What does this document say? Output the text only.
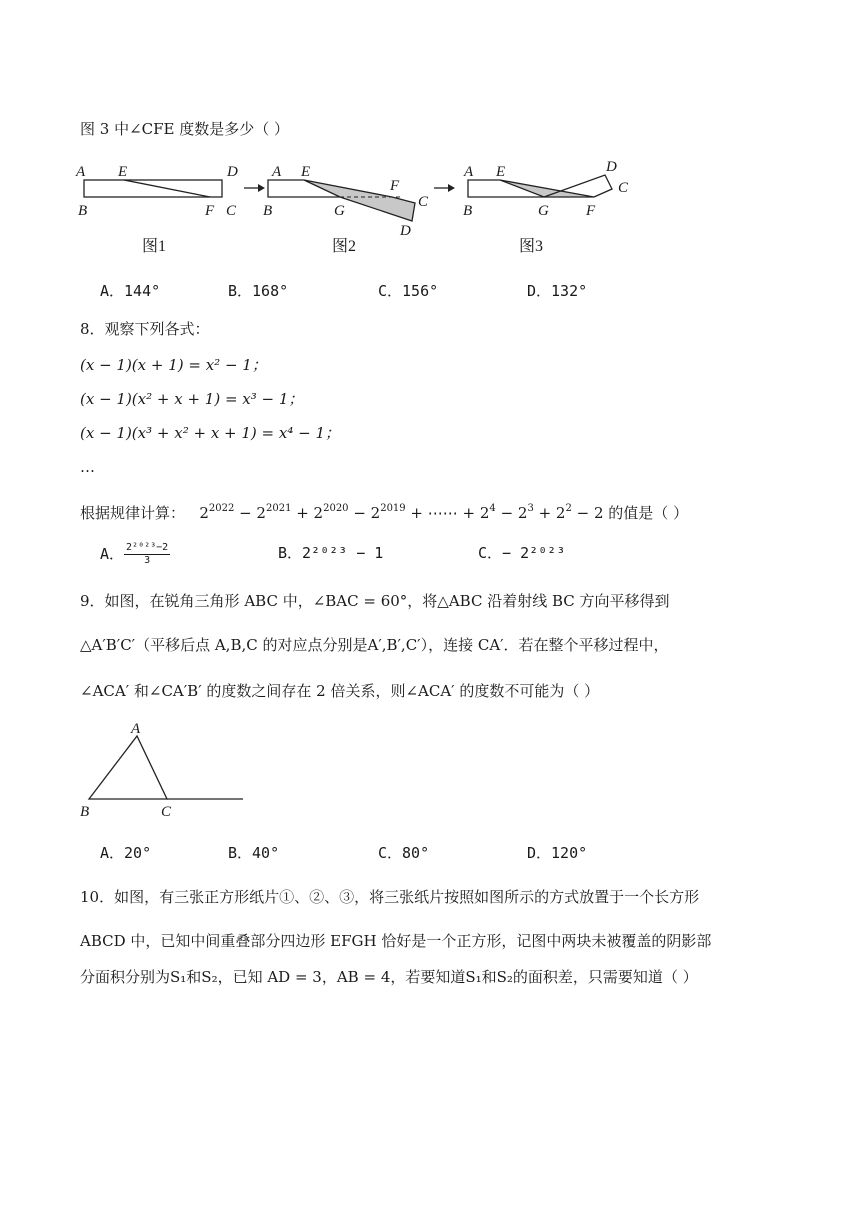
图 3 中∠CFE 度数是多少（ ）
A E	D
B	F C
A E
F
C
B	G
D
A E	D
C
B	G F
图1	图2	图3
A．144°	B．168°	C．156°	D．132°
8．观察下列各式：
(x − 1)(x + 1) = x² − 1；
(x − 1)(x² + x + 1) = x³ − 1；
(x − 1)(x³ + x² + x + 1) = x⁴ − 1；
…
根据规律计算： $2^{2022} - 2^{2021} + 2^{2020} - 2^{2019}$ + ⋯⋯ + $2^4 - 2^3 + 2^2 - 2$ 的值是（ ）
A． $\frac{\text{2²⁰²³−2}}{3}$	B．2²⁰²³ − 1	C．− 2²⁰²³
9．如图，在锐角三角形 ABC 中，∠BAC = 60°，将△ABC 沿着射线 BC 方向平移得到
△A′B′C′（平移后点 A,B,C 的对应点分别是A′,B′,C′），连接 CA′．若在整个平移过程中，
∠ACA′ 和∠CA′B′ 的度数之间存在 2 倍关系，则∠ACA′ 的度数不可能为（ ）
A
B	C
A．20°	B．40°	C．80°	D．120°
10．如图，有三张正方形纸片①、②、③，将三张纸片按照如图所示的方式放置于一个长方形
ABCD 中，已知中间重叠部分四边形 EFGH 恰好是一个正方形，记图中两块未被覆盖的阴影部
分面积分别为S₁和S₂，已知 AD = 3，AB = 4，若要知道S₁和S₂的面积差，只需要知道（ ）
